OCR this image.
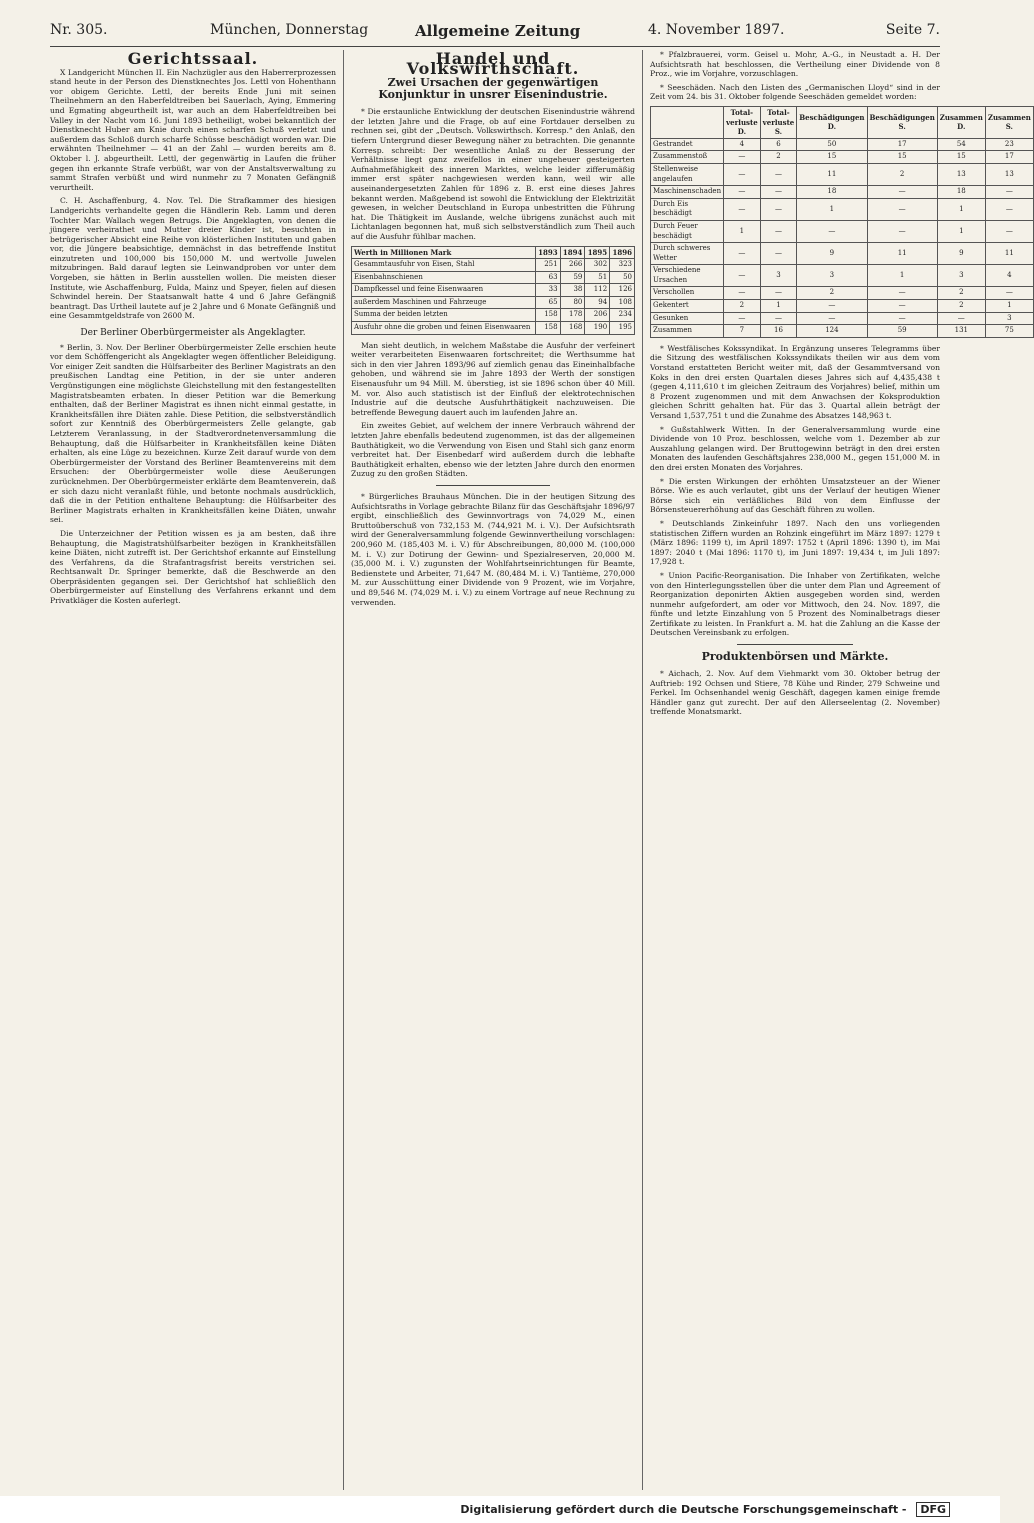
Nr. 305.	München, Donnerstag	Allgemeine Zeitung	4. November 1897.	Seite 7.
Gerichtssaal.

X Landgericht München II. Ein Nachzügler aus den Haberrerprozessen stand heute in der Person des Dienstknechtes Jos. Lettl von Hohenthann vor obigem Gerichte. Lettl, der bereits Ende Juni mit seinen Theilnehmern an den Haberfeldtreiben bei Sauerlach, Aying, Emmering und Egmating abgeurtheilt ist, war auch an dem Haberfeldtreiben bei Valley in der Nacht vom 16. Juni 1893 betheiligt, wobei bekanntlich der Dienstknecht Huber am Knie durch einen scharfen Schuß verletzt und außerdem das Schloß durch scharfe Schüsse beschädigt worden war. Die erwähnten Theilnehmer — 41 an der Zahl — wurden bereits am 8. Oktober l. J. abgeurtheilt. Lettl, der gegenwärtig in Laufen die früher gegen ihn erkannte Strafe verbüßt, war von der Anstaltsverwaltung zu sammt Strafen verbüßt und wird nunmehr zu 7 Monaten Gefängniß verurtheilt.

C. H. Aschaffenburg, 4. Nov. Tel. Die Strafkammer des hiesigen Landgerichts verhandelte gegen die Händlerin Reb. Lamm und deren Tochter Mar. Wallach wegen Betrugs. Die Angeklagten, von denen die jüngere verheirathet und Mutter dreier Kinder ist, besuchten in betrügerischer Absicht eine Reihe von klösterlichen Instituten und gaben vor, die Jüngere beabsichtige, demnächst in das betreffende Institut einzutreten und 100,000 bis 150,000 M. und wertvolle Juwelen mitzubringen. Bald darauf legten sie Leinwandproben vor unter dem Vorgeben, sie hätten in Berlin ausstellen wollen. Die meisten dieser Institute, wie Aschaffenburg, Fulda, Mainz und Speyer, fielen auf diesen Schwindel herein. Der Staatsanwalt hatte 4 und 6 Jahre Gefängniß beantragt. Das Urtheil lautete auf je 2 Jahre und 6 Monate Gefängniß und eine Gesammtgeldstrafe von 2600 M.

Der Berliner Oberbürgermeister als Angeklagter.

* Berlin, 3. Nov. Der Berliner Oberbürgermeister Zelle erschien heute vor dem Schöffengericht als Angeklagter wegen öffentlicher Beleidigung. Vor einiger Zeit sandten die Hülfsarbeiter des Berliner Magistrats an den preußischen Landtag eine Petition, in der sie unter anderen Vergünstigungen eine möglichste Gleichstellung mit den festangestellten Magistratsbeamten erbaten. In dieser Petition war die Bemerkung enthalten, daß der Berliner Magistrat es ihnen nicht einmal gestatte, in Krankheitsfällen ihre Diäten zahle. Diese Petition, die selbstverständlich sofort zur Kenntniß des Oberbürgermeisters Zelle gelangte, gab Letzterem Veranlassung, in der Stadtverordnetenversammlung die Behauptung, daß die Hülfsarbeiter in Krankheitsfällen keine Diäten erhalten, als eine Lüge zu bezeichnen. Kurze Zeit darauf wurde von dem Oberbürgermeister der Vorstand des Berliner Beamtenvereins mit dem Ersuchen: der Oberbürgermeister wolle diese Aeußerungen zurücknehmen. Der Oberbürgermeister erklärte dem Beamtenverein, daß er sich dazu nicht veranlaßt fühle, und betonte nochmals ausdrücklich, daß die in der Petition enthaltene Behauptung: die Hülfsarbeiter des Berliner Magistrats erhalten in Krankheitsfällen keine Diäten, unwahr sei.

Die Unterzeichner der Petition wissen es ja am besten, daß ihre Behauptung, die Magistratshülfsarbeiter bezögen in Krankheitsfällen keine Diäten, nicht zutrefft ist. Der Gerichtshof erkannte auf Einstellung des Verfahrens, da die Strafantragsfrist bereits verstrichen sei. Rechtsanwalt Dr. Springer bemerkte, daß die Beschwerde an den Oberpräsidenten gegangen sei. Der Gerichtshof hat schließlich den Oberbürgermeister auf Einstellung des Verfahrens erkannt und dem Privatkläger die Kosten auferlegt.

Handel und Volkswirthschaft.
Zwei Ursachen der gegenwärtigen Konjunktur in unsrer Eisenindustrie.

* Die erstaunliche Entwicklung der deutschen Eisenindustrie während der letzten Jahre und die Frage, ob auf eine Fortdauer derselben zu rechnen sei, gibt der „Deutsch. Volkswirthsch. Korresp.“ den Anlaß, den tiefern Untergrund dieser Bewegung näher zu betrachten. Die genannte Korresp. schreibt: Der wesentliche Anlaß zu der Besserung der Verhältnisse liegt ganz zweifellos in einer ungeheuer gesteigerten Aufnahmefähigkeit des inneren Marktes, welche leider zifferumäßig immer erst später nachgewiesen werden kann, weil wir alle auseinandergesetzten Zahlen für 1896 z. B. erst eine dieses Jahres bekannt werden. Maßgebend ist sowohl die Entwicklung der Elektrizität gewesen, in welcher Deutschland in Europa unbestritten die Führung hat. Die Thätigkeit im Auslande, welche übrigens zunächst auch mit Lichtanlagen begonnen hat, muß sich selbstverständlich zum Theil auch auf die Ausfuhr fühlbar machen.

Werth in Millionen Mark	1893	1894	1895	1896
Gesammtausfuhr von Eisen, Stahl	251	266	302	323
Eisenbahnschienen	63	59	51	50
Dampfkessel und feine Eisenwaaren	33	38	112	126
außerdem Maschinen und Fahrzeuge	65	80	94	108
Summa der beiden letzten	158	178	206	234
Ausfuhr ohne die groben und feinen Eisenwaaren	158	168	190	195

Man sieht deutlich, in welchem Maßstabe die Ausfuhr der verfeinert weiter verarbeiteten Eisenwaaren fortschreitet; die Werthsumme hat sich in den vier Jahren 1893/96 auf ziemlich genau das Eineinhalbfache gehoben, und während sie im Jahre 1893 der Werth der sonstigen Eisenausfuhr um 94 Mill. M. überstieg, ist sie 1896 schon über 40 Mill. M. vor. Also auch statistisch ist der Einfluß der elektrotechnischen Industrie auf die deutsche Ausfuhrthätigkeit nachzuweisen. Die betreffende Bewegung dauert auch im laufenden Jahre an.

Ein zweites Gebiet, auf welchem der innere Verbrauch während der letzten Jahre ebenfalls bedeutend zugenommen, ist das der allgemeinen Bauthätigkeit, wo die Verwendung von Eisen und Stahl sich ganz enorm verbreitet hat. Der Eisenbedarf wird außerdem durch die lebhafte Bauthätigkeit erhalten, ebenso wie der letzten Jahre durch den enormen Zuzug zu den großen Städten.

* Bürgerliches Brauhaus München. Die in der heutigen Sitzung des Aufsichtsraths in Vorlage gebrachte Bilanz für das Geschäftsjahr 1896/97 ergibt, einschließlich des Gewinnvortrags von 74,029 M., einen Bruttoüberschuß von 732,153 M. (744,921 M. i. V.). Der Aufsichtsrath wird der Generalversammlung folgende Gewinnvertheilung vorschlagen: 200,960 M. (185,403 M. i. V.) für Abschreibungen, 80,000 M. (100,000 M. i. V.) zur Dotirung der Gewinn- und Spezialreserven, 20,000 M. (35,000 M. i. V.) zugunsten der Wohlfahrtseinrichtungen für Beamte, Bedienstete und Arbeiter, 71,647 M. (80,484 M. i. V.) Tantième, 270,000 M. zur Ausschüttung einer Dividende von 9 Prozent, wie im Vorjahre, und 89,546 M. (74,029 M. i. V.) zu einem Vortrage auf neue Rechnung zu verwenden.

* Pfalzbrauerei, vorm. Geisel u. Mohr, A.-G., in Neustadt a. H. Der Aufsichtsrath hat beschlossen, die Vertheilung einer Dividende von 8 Proz., wie im Vorjahre, vorzuschlagen.

* Seeschäden. Nach den Listen des „Germanischen Lloyd“ sind in der Zeit vom 24. bis 31. Oktober folgende Seeschäden gemeldet worden:

	Total-verluste D.	Total-verluste S.	Beschädigungen D.	Beschädigungen S.	Zusammen D.	Zusammen S.
Gestrandet	4	6	50	17	54	23
Zusammenstoß	—	2	15	15	15	17
Stellenweise angelaufen	—	—	11	2	13	13
Maschinenschaden	—	—	18	—	18	—
Durch Eis beschädigt	—	—	1	—	1	—
Durch Feuer beschädigt	1	—	—	—	1	—
Durch schweres Wetter	—	—	9	11	9	11
Verschiedene Ursachen	—	3	3	1	3	4
Verschollen	—	—	2	—	2	—
Gekentert	2	1	—	—	2	1
Gesunken	—	—	—	—	—	3
Zusammen	7	16	124	59	131	75

* Westfälisches Kokssyndikat. In Ergänzung unseres Telegramms über die Sitzung des westfälischen Kokssyndikats theilen wir aus dem vom Vorstand erstatteten Bericht weiter mit, daß der Gesammtversand von Koks in den drei ersten Quartalen dieses Jahres sich auf 4,435,438 t (gegen 4,111,610 t im gleichen Zeitraum des Vorjahres) belief, mithin um 8 Prozent zugenommen und mit dem Anwachsen der Koksproduktion gleichen Schritt gehalten hat. Für das 3. Quartal allein beträgt der Versand 1,537,751 t und die Zunahme des Absatzes 148,963 t.

* Gußstahlwerk Witten. In der Generalversammlung wurde eine Dividende von 10 Proz. beschlossen, welche vom 1. Dezember ab zur Auszahlung gelangen wird. Der Bruttogewinn beträgt in den drei ersten Monaten des laufenden Geschäftsjahres 238,000 M., gegen 151,000 M. in den drei ersten Monaten des Vorjahres.

* Die ersten Wirkungen der erhöhten Umsatzsteuer an der Wiener Börse. Wie es auch verlautet, gibt uns der Verlauf der heutigen Wiener Börse sich ein verläßliches Bild von dem Einflusse der Börsensteuererhöhung auf das Geschäft führen zu wollen.

* Deutschlands Zinkeinfuhr 1897. Nach den uns vorliegenden statistischen Ziffern wurden an Rohzink eingeführt im März 1897: 1279 t (März 1896: 1199 t), im April 1897: 1752 t (April 1896: 1390 t), im Mai 1897: 2040 t (Mai 1896: 1170 t), im Juni 1897: 19,434 t, im Juli 1897: 17,928 t.

* Union Pacific-Reorganisation. Die Inhaber von Zertifikaten, welche von den Hinterlegungsstellen über die unter dem Plan und Agreement of Reorganization deponirten Aktien ausgegeben worden sind, werden nunmehr aufgefordert, am oder vor Mittwoch, den 24. Nov. 1897, die fünfte und letzte Einzahlung von 5 Prozent des Nominalbetrags dieser Zertifikate zu leisten. In Frankfurt a. M. hat die Zahlung an die Kasse der Deutschen Vereinsbank zu erfolgen.

Produktenbörsen und Märkte.

* Aichach, 2. Nov. Auf dem Viehmarkt vom 30. Oktober betrug der Auftrieb: 192 Ochsen und Stiere, 78 Kühe und Rinder, 279 Schweine und Ferkel. Im Ochsenhandel wenig Geschäft, dagegen kamen einige fremde Händler ganz gut zurecht. Der auf den Allerseelentag (2. November) treffende Monatsmarkt.

Digitalisierung gefördert durch die Deutsche Forschungsgemeinschaft - DFG
